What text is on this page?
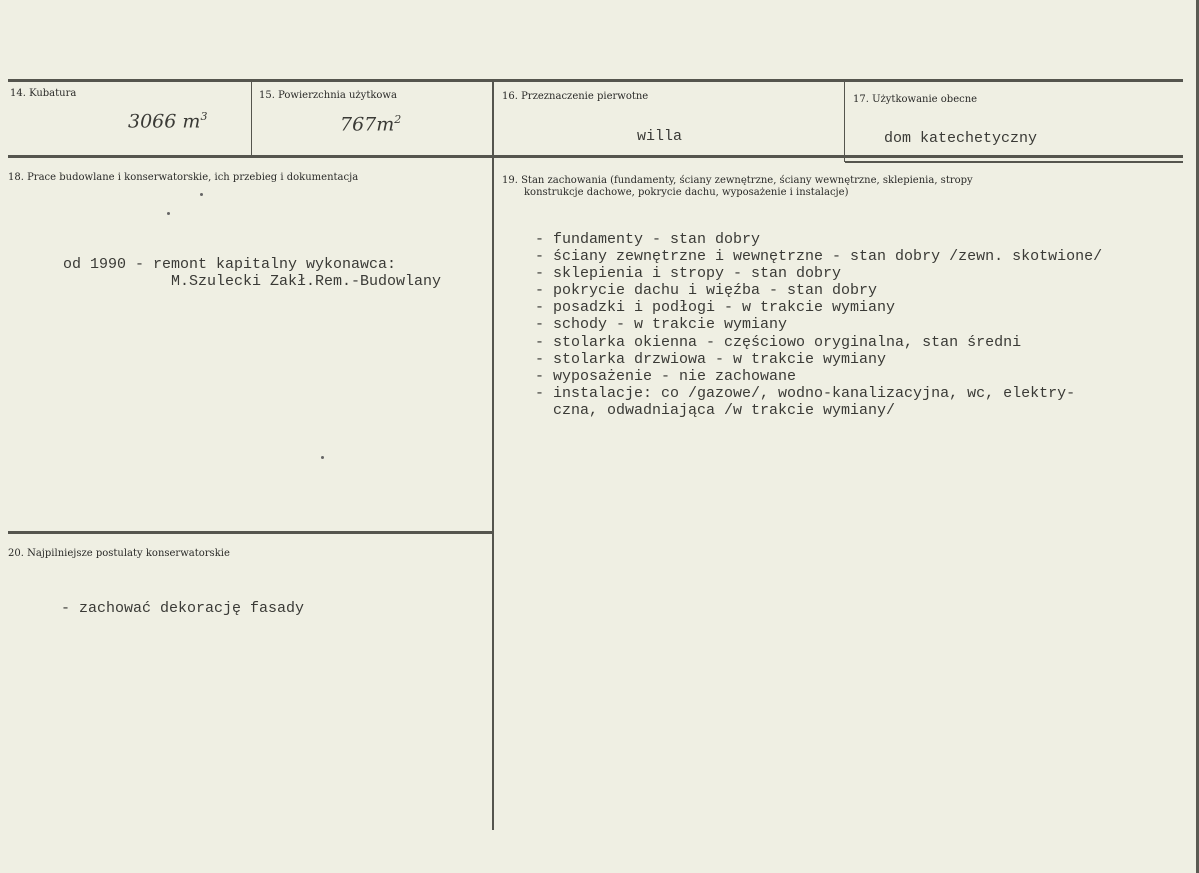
14. Kubatura
3066 $m^3$
15. Powierzchnia użytkowa
$767m^2$
16. Przeznaczenie pierwotne
willa
17. Użytkowanie obecne
dom katechetyczny
18. Prace budowlane i konserwatorskie, ich przebieg i dokumentacja
od 1990 - remont kapitalny wykonawca:
M.Szulecki Zakł.Rem.-Budowlany
19. Stan zachowania (fundamenty, ściany zewnętrzne, ściany wewnętrzne, sklepienia, stropy
konstrukcje dachowe, pokrycie dachu, wyposażenie i instalacje)
- fundamenty - stan dobry
- ściany zewnętrzne i wewnętrzne - stan dobry /zewn. skotwione/
- sklepienia i stropy - stan dobry
- pokrycie dachu i więźba - stan dobry
- posadzki i podłogi - w trakcie wymiany
- schody - w trakcie wymiany
- stolarka okienna - częściowo oryginalna, stan średni
- stolarka drzwiowa - w trakcie wymiany
- wyposażenie - nie zachowane
- instalacje: co /gazowe/, wodno-kanalizacyjna, wc, elektry-
czna, odwadniająca /w trakcie wymiany/
20. Najpilniejsze postulaty konserwatorskie
- zachować dekorację fasady
